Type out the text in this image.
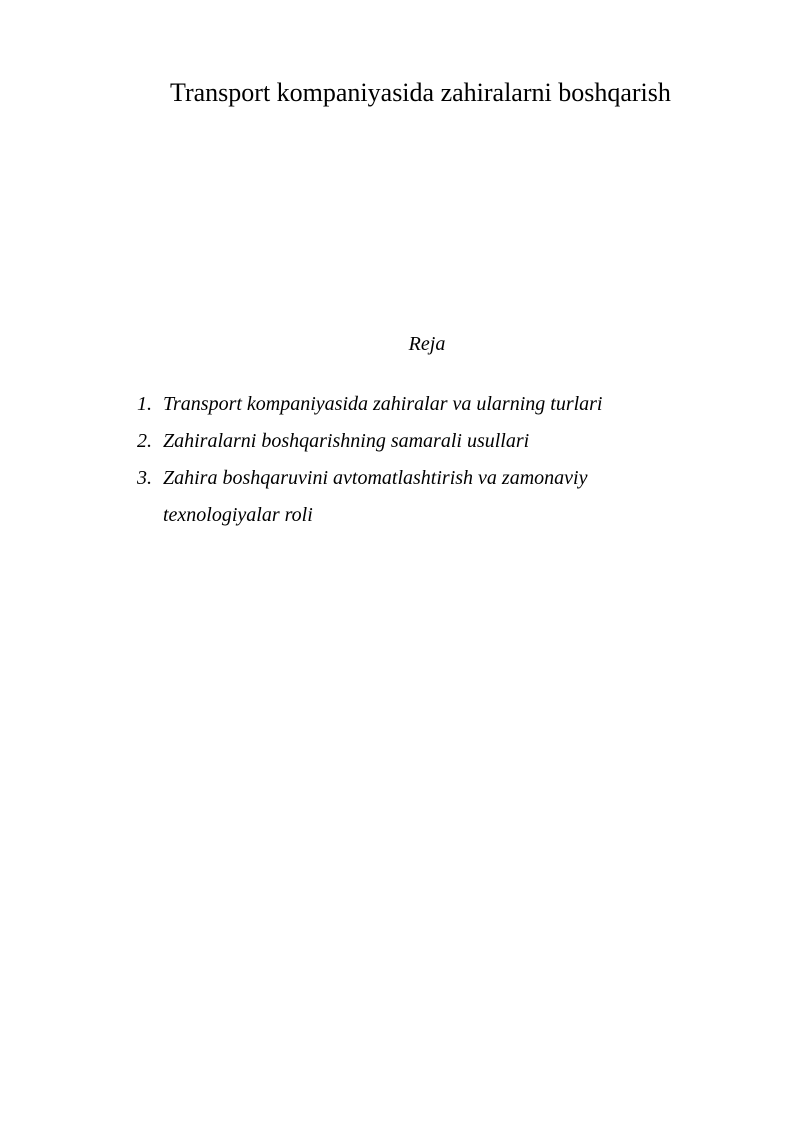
Transport kompaniyasida zahiralarni boshqarish
Reja
1. Transport kompaniyasida zahiralar va ularning turlari
2. Zahiralarni boshqarishning samarali usullari
3. Zahira boshqaruvini avtomatlashtirish va zamonaviy texnologiyalar roli
